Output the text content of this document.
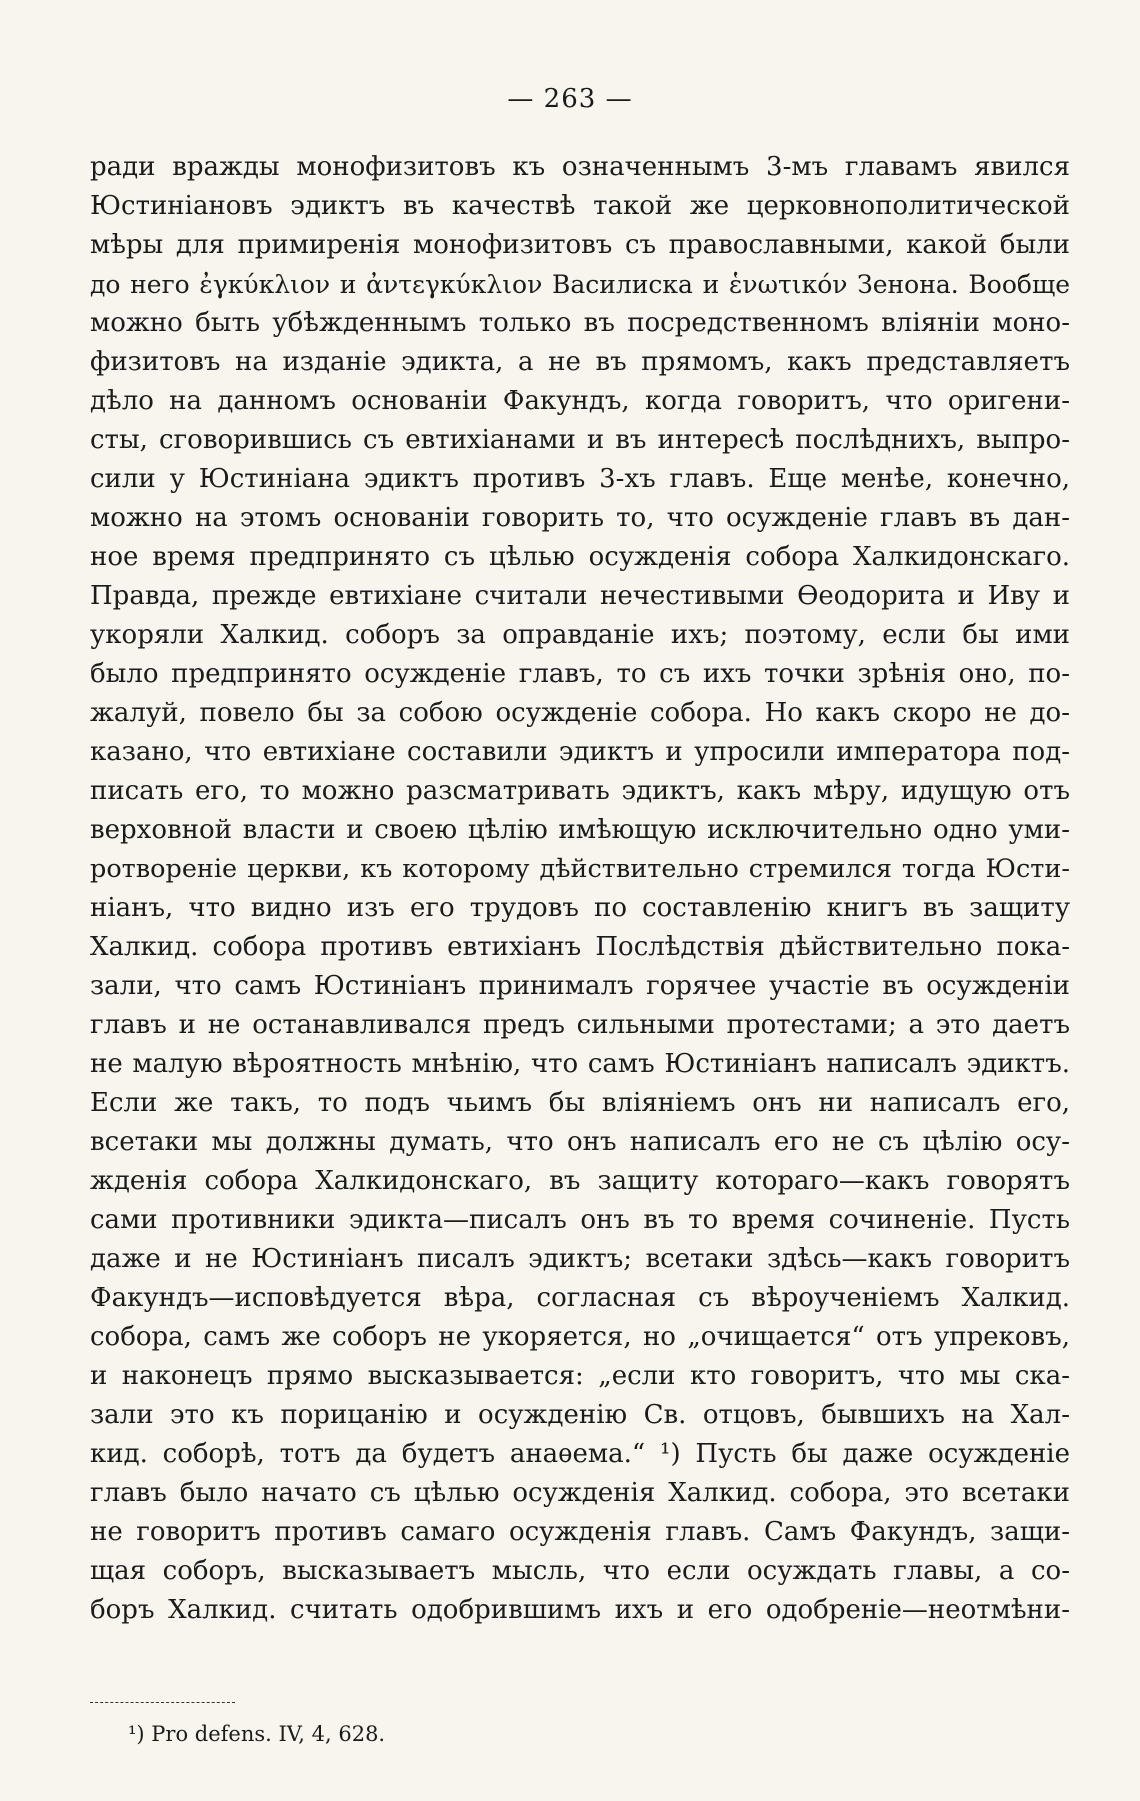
— 263 —
ради вражды монофизитовъ къ означеннымъ 3-мъ главамъ явился
Юстиніановъ эдиктъ въ качествѣ такой же церковнополитической
мѣры для примиренія монофизитовъ съ православными, какой были
до него ἐγκύκλιον и ἀντεγκύκλιον Василиска и ἑνωτικόν Зенона. Вообще
можно быть убѣжденнымъ только въ посредственномъ вліяніи моно-
физитовъ на изданіе эдикта, а не въ прямомъ, какъ представляетъ
дѣло на данномъ основаніи Факундъ, когда говоритъ, что оригени-
сты, сговорившись съ евтихіанами и въ интересѣ послѣднихъ, выпро-
сили у Юстиніана эдиктъ противъ 3-хъ главъ. Еще менѣе, конечно,
можно на этомъ основаніи говорить то, что осужденіе главъ въ дан-
ное время предпринято съ цѣлью осужденія собора Халкидонскаго.
Правда, прежде евтихіане считали нечестивыми Ѳеодорита и Иву и
укоряли Халкид. соборъ за оправданіе ихъ; поэтому, если бы ими
было предпринято осужденіе главъ, то съ ихъ точки зрѣнія оно, по-
жалуй, повело бы за собою осужденіе собора. Но какъ скоро не до-
казано, что евтихіане составили эдиктъ и упросили императора под-
писать его, то можно разсматривать эдиктъ, какъ мѣру, идущую отъ
верховной власти и своею цѣлію имѣющую исключительно одно уми-
ротвореніе церкви, къ которому дѣйствительно стремился тогда Юсти-
ніанъ, что видно изъ его трудовъ по составленію книгъ въ защиту
Халкид. собора противъ евтихіанъ Послѣдствія дѣйствительно пока-
зали, что самъ Юстиніанъ принималъ горячее участіе въ осужденіи
главъ и не останавливался предъ сильными протестами; а это даетъ
не малую вѣроятность мнѣнію, что самъ Юстиніанъ написалъ эдиктъ.
Если же такъ, то подъ чьимъ бы вліяніемъ онъ ни написалъ его,
всетаки мы должны думать, что онъ написалъ его не съ цѣлію осу-
жденія собора Халкидонскаго, въ защиту котораго—какъ говорятъ
сами противники эдикта—писалъ онъ въ то время сочиненіе. Пусть
даже и не Юстиніанъ писалъ эдиктъ; всетаки здѣсь—какъ говоритъ
Факундъ—исповѣдуется вѣра, согласная съ вѣроученіемъ Халкид.
собора, самъ же соборъ не укоряется, но „очищается“ отъ упрековъ,
и наконецъ прямо высказывается: „если кто говоритъ, что мы ска-
зали это къ порицанію и осужденію Св. отцовъ, бывшихъ на Хал-
кид. соборѣ, тотъ да будетъ анаѳема.“ ¹) Пусть бы даже осужденіе
главъ было начато съ цѣлью осужденія Халкид. собора, это всетаки
не говоритъ противъ самаго осужденія главъ. Самъ Факундъ, защи-
щая соборъ, высказываетъ мысль, что если осуждать главы, а со-
боръ Халкид. считать одобрившимъ ихъ и его одобреніе—неотмѣни-
¹) Pro defens. IV, 4, 628.
